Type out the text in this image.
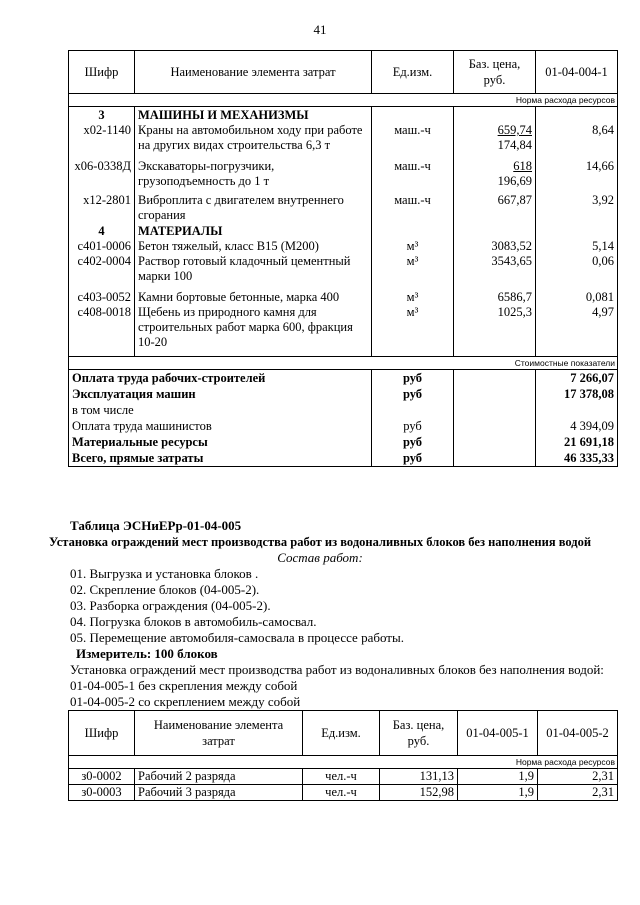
41
Шифр	Наименование элемента затрат	Ед.изм.	Баз. цена, руб.	01-04-004-1
Норма расхода ресурсов				
3	МАШИНЫ И МЕХАНИЗМЫ			
х02-1140	Краны на автомобильном ходу при работе	маш.-ч	659,74	8,64
	на других видах строительства 6,3 т		174,84	

х06-0338Д	Экскаваторы-погрузчики,	маш.-ч	618	14,66
	грузоподъемность до 1 т		196,69	

х12-2801	Виброплита с двигателем внутреннего	маш.-ч	667,87	3,92
	сгорания			
4	МАТЕРИАЛЫ			
с401-0006	Бетон тяжелый, класс B15 (M200)	м³	3083,52	5,14
с402-0004	Раствор готовый кладочный цементный	м³	3543,65	0,06
	марки 100			

с403-0052	Камни бортовые бетонные, марка 400	м³	6586,7	0,081
с408-0018	Щебень из природного камня для	м³	1025,3	4,97
	строительных работ марка 600, фракция			
	10-20			

Стоимостные показатели				
Оплата труда рабочих-строителей		руб		7 266,07
Эксплуатация машин		руб		17 378,08
в том числе				
Оплата труда машинистов		руб		4 394,09
Материальные ресурсы		руб		21 691,18
Всего, прямые затраты		руб		46 335,33
Таблица ЭСНиЕРр-01-04-005
Установка ограждений мест производства работ из водоналивных блоков без наполнения водой
Состав работ:
01. Выгрузка и установка блоков .
02. Скрепление блоков (04-005-2).
03. Разборка ограждения (04-005-2).
04. Погрузка блоков в автомобиль-самосвал.
05. Перемещение автомобиля-самосвала в процессе работы.
Измеритель: 100 блоков
Установка ограждений мест производства работ из водоналивных блоков без наполнения водой:
01-04-005-1 без скрепления между собой
01-04-005-2 со скреплением между собой
Шифр	Наименование элемента затрат	Ед.изм.	Баз. цена, руб.	01-04-005-1	01-04-005-2
Норма расхода ресурсов					
з0-0002	Рабочий 2 разряда	чел.-ч	131,13	1,9	2,31
з0-0003	Рабочий 3 разряда	чел.-ч	152,98	1,9	2,31
